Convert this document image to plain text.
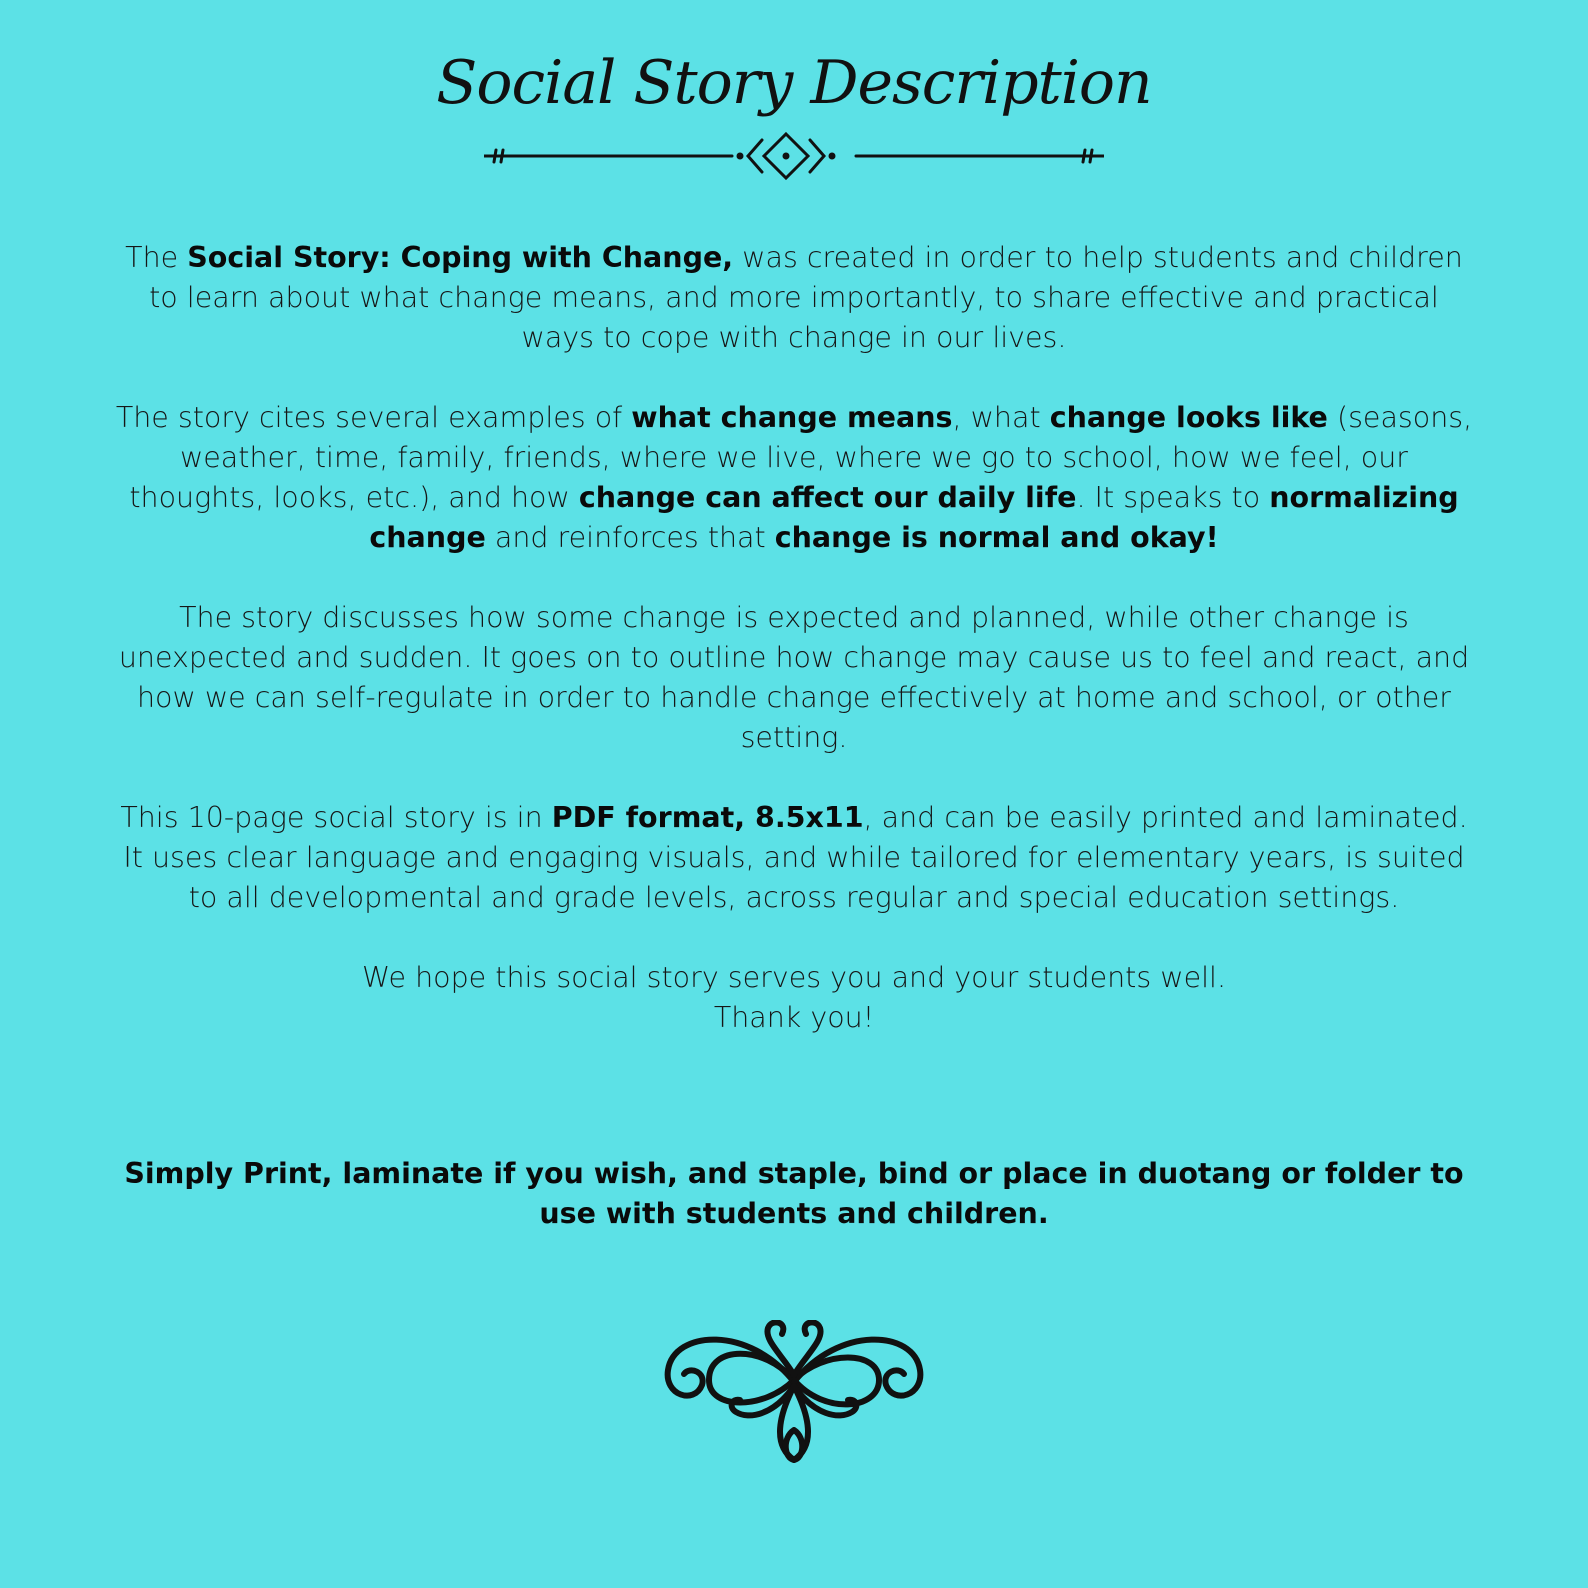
Social Story Description

The Social Story: Coping with Change, was created in order to help students and children to learn about what change means, and more importantly, to share effective and practical ways to cope with change in our lives.

The story cites several examples of what change means, what change looks like (seasons, weather, time, family, friends, where we live, where we go to school, how we feel, our thoughts, looks, etc.), and how change can affect our daily life. It speaks to normalizing change and reinforces that change is normal and okay!

The story discusses how some change is expected and planned, while other change is unexpected and sudden. It goes on to outline how change may cause us to feel and react, and how we can self-regulate in order to handle change effectively at home and school, or other setting.

This 10-page social story is in PDF format, 8.5x11, and can be easily printed and laminated. It uses clear language and engaging visuals, and while tailored for elementary years, is suited to all developmental and grade levels, across regular and special education settings.

We hope this social story serves you and your students well.
Thank you!

Simply Print, laminate if you wish, and staple, bind or place in duotang or folder to use with students and children.
